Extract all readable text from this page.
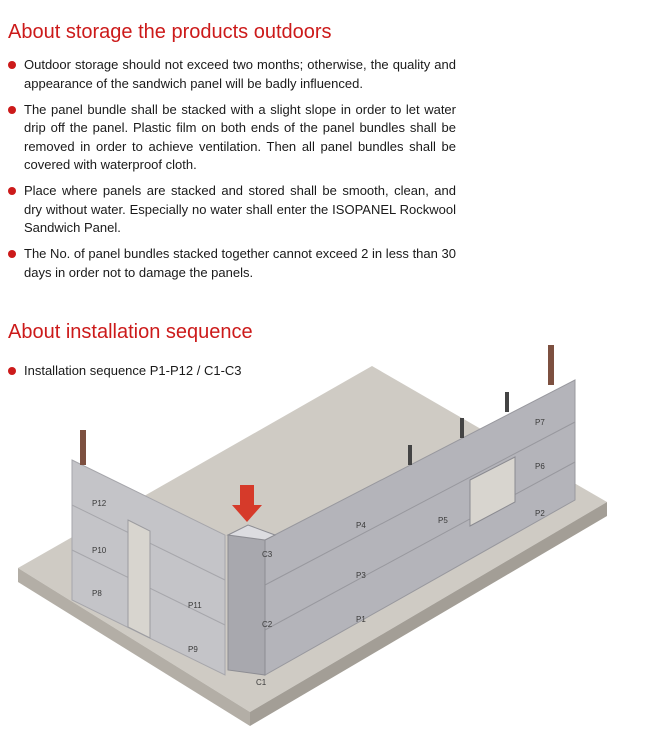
About storage the products outdoors
Outdoor storage should not exceed two months; otherwise, the quality and appearance of the sandwich panel will be badly influenced.
The panel bundle shall be stacked with a slight slope in order to let water drip off the panel. Plastic film on both ends of the panel bundles shall be removed in order to achieve ventilation. Then all panel bundles shall be covered with waterproof cloth.
Place where panels are stacked and stored shall be smooth, clean, and dry without water. Especially no water shall enter the ISOPANEL Rockwool Sandwich Panel.
The No. of panel bundles stacked together cannot exceed 2 in less than 30 days in order not to damage the panels.
P12
P10
P8
P11
P9
C3
C2
C1
P4
P5
P3
P1
P2
P6
P7
About installation sequence
Installation sequence P1-P12 / C1-C3
